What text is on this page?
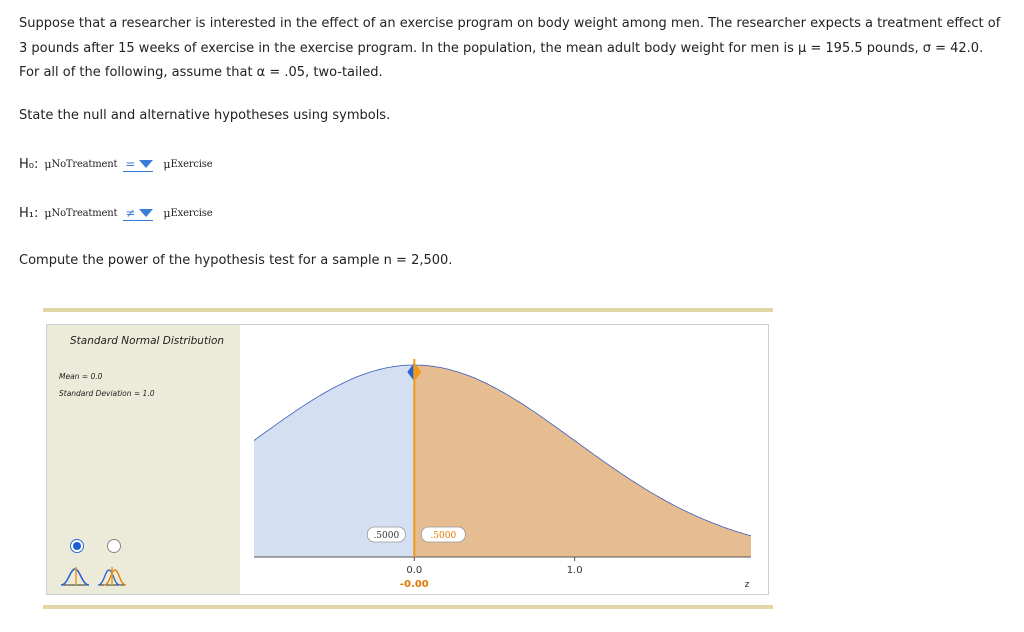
Suppose that a researcher is interested in the effect of an exercise program on body weight among men. The researcher expects a treatment effect of

3 pounds after 15 weeks of exercise in the exercise program. In the population, the mean adult body weight for men is μ = 195.5 pounds, σ = 42.0.

For all of the following, assume that α = .05, two-tailed.

State the null and alternative hypotheses using symbols.
H₀: μ NoTreatment =	μ Exercise
H₁: μ NoTreatment ≠	μ Exercise
Compute the power of the hypothesis test for a sample n = 2,500.
Standard Normal Distribution
Mean = 0.0
Standard Deviation = 1.0
1.0
.5000	.5000
0.0
-0.00	z
